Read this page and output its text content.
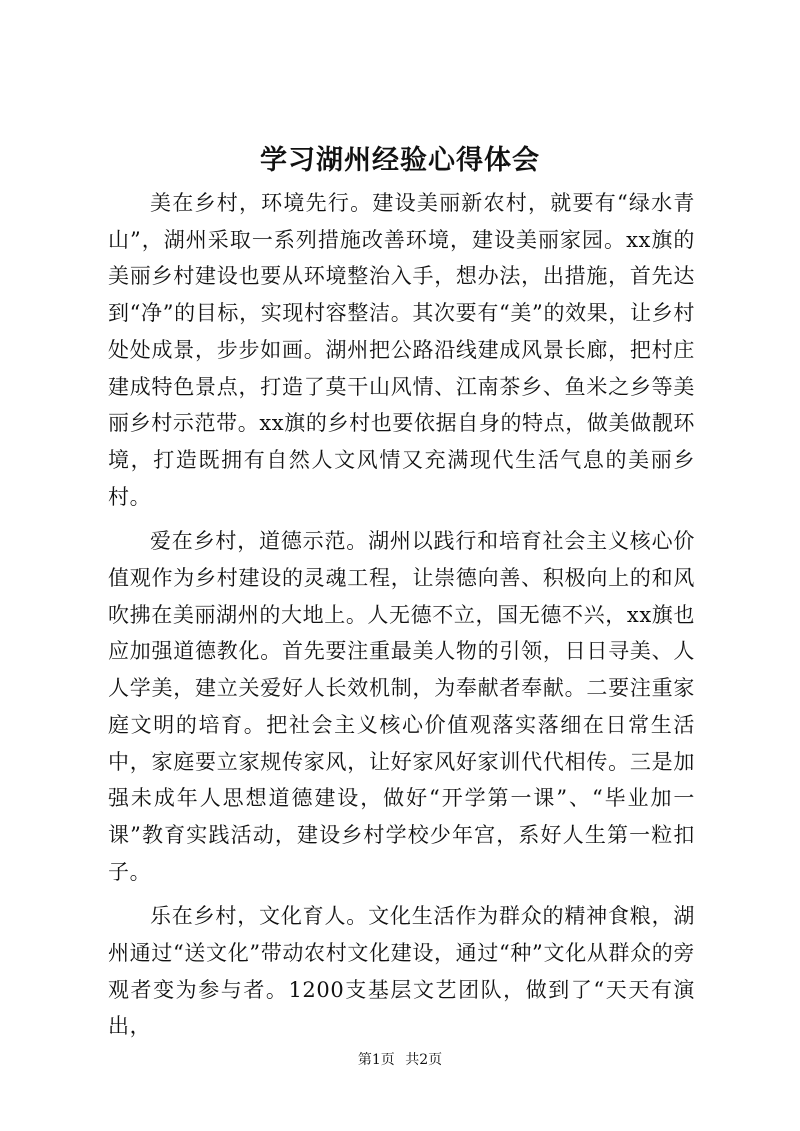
学习湖州经验心得体会

美在乡村，环境先行。建设美丽新农村，就要有“绿水青山”，湖州采取一系列措施改善环境，建设美丽家园。xx旗的美丽乡村建设也要从环境整治入手，想办法，出措施，首先达到“净”的目标，实现村容整洁。其次要有“美”的效果，让乡村处处成景，步步如画。湖州把公路沿线建成风景长廊，把村庄建成特色景点，打造了莫干山风情、江南茶乡、鱼米之乡等美丽乡村示范带。xx旗的乡村也要依据自身的特点，做美做靓环境，打造既拥有自然人文风情又充满现代生活气息的美丽乡村。

爱在乡村，道德示范。湖州以践行和培育社会主义核心价值观作为乡村建设的灵魂工程，让崇德向善、积极向上的和风吹拂在美丽湖州的大地上。人无德不立，国无德不兴，xx旗也应加强道德教化。首先要注重最美人物的引领，日日寻美、人人学美，建立关爱好人长效机制，为奉献者奉献。二要注重家庭文明的培育。把社会主义核心价值观落实落细在日常生活中，家庭要立家规传家风，让好家风好家训代代相传。三是加强未成年人思想道德建设，做好“开学第一课”、“毕业加一课”教育实践活动，建设乡村学校少年宫，系好人生第一粒扣子。

乐在乡村，文化育人。文化生活作为群众的精神食粮，湖州通过“送文化”带动农村文化建设，通过“种”文化从群众的旁观者变为参与者。1200支基层文艺团队，做到了“天天有演出，

第1页 共2页
